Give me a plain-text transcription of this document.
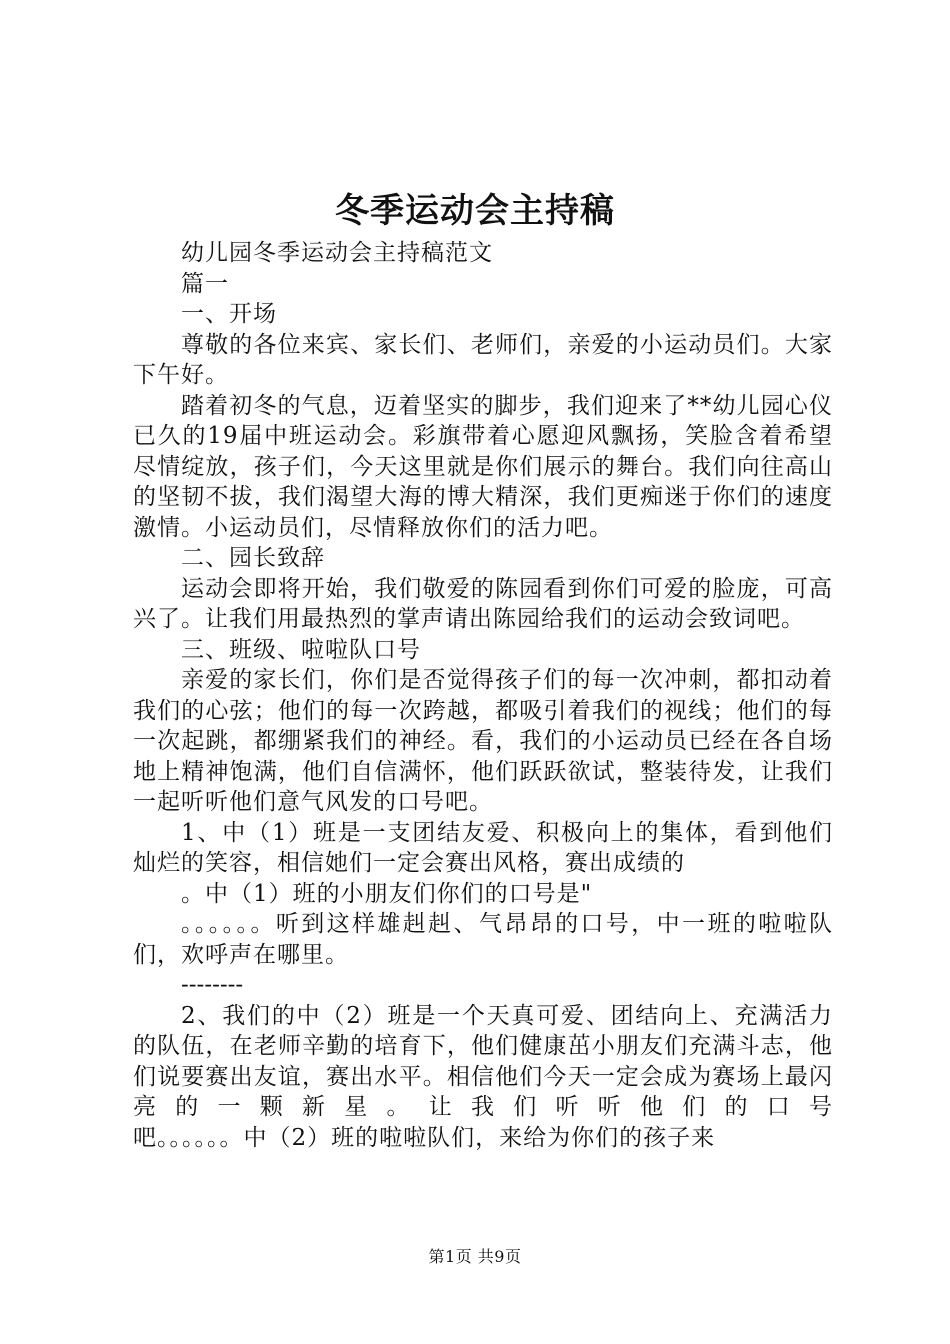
冬季运动会主持稿

幼儿园冬季运动会主持稿范文

篇一

一、开场

尊敬的各位来宾、家长们、老师们，亲爱的小运动员们。大家下午好。

踏着初冬的气息，迈着坚实的脚步，我们迎来了**幼儿园心仪已久的19届中班运动会。彩旗带着心愿迎风飘扬，笑脸含着希望尽情绽放，孩子们，今天这里就是你们展示的舞台。我们向往高山的坚韧不拔，我们渴望大海的博大精深，我们更痴迷于你们的速度激情。小运动员们，尽情释放你们的活力吧。

二、园长致辞

运动会即将开始，我们敬爱的陈园看到你们可爱的脸庞，可高兴了。让我们用最热烈的掌声请出陈园给我们的运动会致词吧。

三、班级、啦啦队口号

亲爱的家长们，你们是否觉得孩子们的每一次冲刺，都扣动着我们的心弦；他们的每一次跨越，都吸引着我们的视线；他们的每一次起跳，都绷紧我们的神经。看，我们的小运动员已经在各自场地上精神饱满，他们自信满怀，他们跃跃欲试，整装待发，让我们一起听听他们意气风发的口号吧。

1、中（1）班是一支团结友爱、积极向上的集体，看到他们灿烂的笑容，相信她们一定会赛出风格，赛出成绩的

。中（1）班的小朋友们你们的口号是"

。。。。。。听到这样雄赳赳、气昂昂的口号，中一班的啦啦队们，欢呼声在哪里。

--------

2、我们的中（2）班是一个天真可爱、团结向上、充满活力的队伍，在老师辛勤的培育下，他们健康茁小朋友们充满斗志，他们说要赛出友谊，赛出水平。相信他们今天一定会成为赛场上最闪亮的一颗新星。让我们听听他们的口号

吧。。。。。。中（2）班的啦啦队们，来给为你们的孩子来

第1页 共9页
